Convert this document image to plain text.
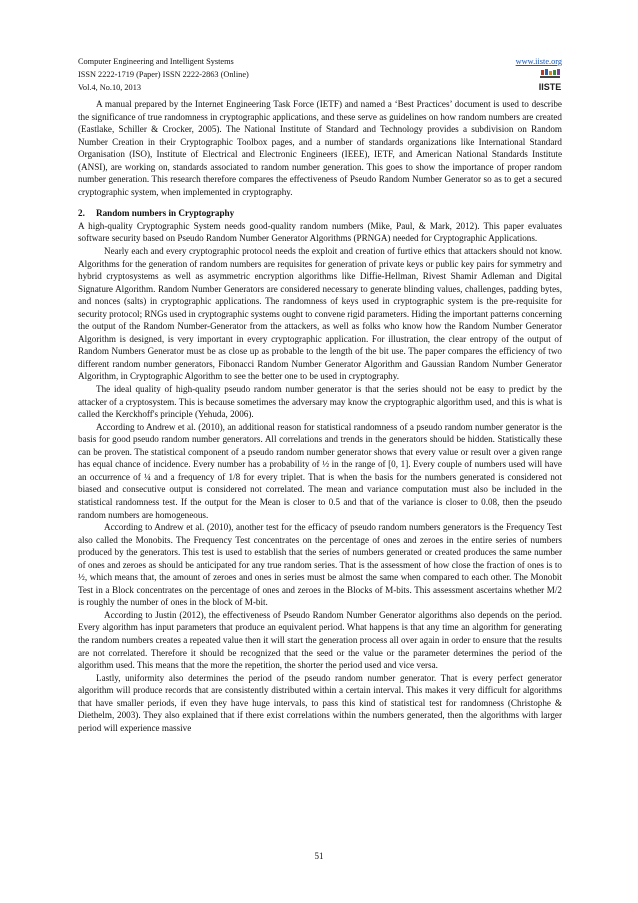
Computer Engineering and Intelligent Systems
ISSN 2222-1719 (Paper) ISSN 2222-2863 (Online)
Vol.4, No.10, 2013
www.iiste.org
IISTE

A manual prepared by the Internet Engineering Task Force (IETF) and named a ‘Best Practices’ document is used to describe the significance of true randomness in cryptographic applications, and these serve as guidelines on how random numbers are created (Eastlake, Schiller & Crocker, 2005). The National Institute of Standard and Technology provides a subdivision on Random Number Creation in their Cryptographic Toolbox pages, and a number of standards organizations like International Standard Organisation (ISO), Institute of Electrical and Electronic Engineers (IEEE), IETF, and American National Standards Institute (ANSI), are working on, standards associated to random number generation. This goes to show the importance of proper random number generation. This research therefore compares the effectiveness of Pseudo Random Number Generator so as to get a secured cryptographic system, when implemented in cryptography.

2. Random numbers in Cryptography

A high-quality Cryptographic System needs good-quality random numbers (Mike, Paul, & Mark, 2012). This paper evaluates software security based on Pseudo Random Number Generator Algorithms (PRNGA) needed for Cryptographic Applications.

Nearly each and every cryptographic protocol needs the exploit and creation of furtive ethics that attackers should not know. Algorithms for the generation of random numbers are requisites for generation of private keys or public key pairs for symmetry and hybrid cryptosystems as well as asymmetric encryption algorithms like Diffie-Hellman, Rivest Shamir Adleman and Digital Signature Algorithm. Random Number Generators are considered necessary to generate blinding values, challenges, padding bytes, and nonces (salts) in cryptographic applications. The randomness of keys used in cryptographic system is the pre-requisite for security protocol; RNGs used in cryptographic systems ought to convene rigid parameters. Hiding the important patterns concerning the output of the Random Number-Generator from the attackers, as well as folks who know how the Random Number Generator Algorithm is designed, is very important in every cryptographic application. For illustration, the clear entropy of the output of Random Numbers Generator must be as close up as probable to the length of the bit use. The paper compares the efficiency of two different random number generators, Fibonacci Random Number Generator Algorithm and Gaussian Random Number Generator Algorithm, in Cryptographic Algorithm to see the better one to be used in cryptography.

The ideal quality of high-quality pseudo random number generator is that the series should not be easy to predict by the attacker of a cryptosystem. This is because sometimes the adversary may know the cryptographic algorithm used, and this is what is called the Kerckhoff's principle (Yehuda, 2006).

According to Andrew et al. (2010), an additional reason for statistical randomness of a pseudo random number generator is the basis for good pseudo random number generators. All correlations and trends in the generators should be hidden. Statistically these can be proven. The statistical component of a pseudo random number generator shows that every value or result over a given range has equal chance of incidence. Every number has a probability of ½ in the range of [0, 1]. Every couple of numbers used will have an occurrence of ¼ and a frequency of 1/8 for every triplet. That is when the basis for the numbers generated is considered not biased and consecutive output is considered not correlated. The mean and variance computation must also be included in the statistical randomness test. If the output for the Mean is closer to 0.5 and that of the variance is closer to 0.08, then the pseudo random numbers are homogeneous.

According to Andrew et al. (2010), another test for the efficacy of pseudo random numbers generators is the Frequency Test also called the Monobits. The Frequency Test concentrates on the percentage of ones and zeroes in the entire series of numbers produced by the generators. This test is used to establish that the series of numbers generated or created produces the same number of ones and zeroes as should be anticipated for any true random series. That is the assessment of how close the fraction of ones is to ½, which means that, the amount of zeroes and ones in series must be almost the same when compared to each other. The Monobit Test in a Block concentrates on the percentage of ones and zeroes in the Blocks of M-bits. This assessment ascertains whether M/2 is roughly the number of ones in the block of M-bit.

According to Justin (2012), the effectiveness of Pseudo Random Number Generator algorithms also depends on the period. Every algorithm has input parameters that produce an equivalent period. What happens is that any time an algorithm for generating the random numbers creates a repeated value then it will start the generation process all over again in order to ensure that the results are not correlated. Therefore it should be recognized that the seed or the value or the parameter determines the period of the algorithm used. This means that the more the repetition, the shorter the period used and vice versa.

Lastly, uniformity also determines the period of the pseudo random number generator. That is every perfect generator algorithm will produce records that are consistently distributed within a certain interval. This makes it very difficult for algorithms that have smaller periods, if even they have huge intervals, to pass this kind of statistical test for randomness (Christophe & Diethelm, 2003). They also explained that if there exist correlations within the numbers generated, then the algorithms with larger period will experience massive

51
